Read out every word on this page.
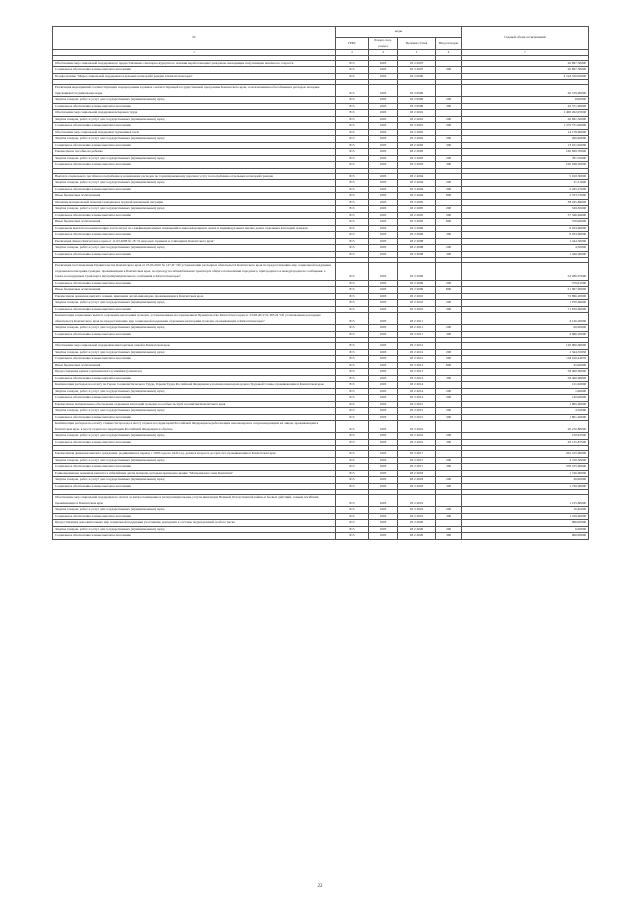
№	коды				Годовой объем ассигнований
	ГРБС	Раздел, под-раздел	Целевая статья	Вид расходов	
1	2	4	5	6	7

Обеспечение мер социальной поддержки по предоставлению санаторно-курортного лечения неработающим гражданам, выходящим получающим пенсию по старости	815	1003	03 2 2007		26 897,30000
Социальное обеспечение и иные выплаты населению	815	1003	03 2 2007	300	26 897,30000
Подпрограмма "Меры социальной поддержки отдельных категорий граждан в Камчатском крае"	815	1003	03 2 0000		4 518 520,09000

Реализация мероприятий соответствующих подпрограммы в рамках соответствующей государственной программы Камчатского края, за исключением обособленных расходов, которым присваиваются уникальные коды	815	1003	03 2 0999		26 579,90000
Закупка товаров, работ и услуг для государственных (муниципальных) нужд	815	1003	03 2 0999	200	8,00000
Социальное обеспечение и иные выплаты населению	815	1003	03 2 0999	300	26 571,90000
Обеспечение мер социальной поддержки ветеранов труда	815	1003	03 2 2001		1 400 262,05000
Закупка товаров, работ и услуг для государственных (муниципальных) нужд	815	1003	03 2 2001	200	20 691,50000
Социальное обеспечение и иные выплаты населению	815	1003	03 2 2001	300	1 379 571,00000
Обеспечение мер социальной поддержки тружеников тыла	815	1003	03 2 2002		14 178,60000
Закупка товаров, работ и услуг для государственных (муниципальных) нужд	815	1003	03 2 2002	200	266,60000
Социальное обеспечение и иные выплаты населению	815	1003	03 2 2002	300	13 911,96000
Ежемесячное пособие на ребенка	815	1003	03 2 2003		166 829,70000
Закупка товаров, работ и услуг для государственных (муниципальных) нужд	815	1003	03 2 2003	200	781,50000
Социальное обеспечение и иные выплаты населению	815	1003	03 2 2003	300	166 048,20000

Выплата социального пособия на погребение и возмещение расходов по гарантированному перечню услуг по погребению отдельных категорий граждан	815	1003	03 2 2004		5 010,30000
Закупка товаров, работ и услуг для государственных (муниципальных) нужд	815	1003	03 2 2004	200	31,31000
Социальное обеспечение и иные выплаты населению	815	1003	03 2 2004	300	2 425,27000
Иные бюджетные ассигнования	815	1003	03 2 2004	800	2 553,72000
Оказание материальной помощи гражданам в трудной жизненной ситуации	815	1003	03 2 2005		38 245,89000
Закупка товаров, работ и услуг для государственных (муниципальных) нужд	815	1003	03 2 2005	200	529,50000
Социальное обеспечение и иные выплаты населению	815	1003	03 2 2005	300	37 346,49000
Иные бюджетные ассигнования	815	1003	03 2 2005	800	370,00000
Социальная выплата на компенсацию части затрат по газификации жилых помещений в многоквартирных домах и индивидуальных жилых домах отдельных категорий граждан	815	1003	03 2 2006		8 934,60000
Социальное обеспечение и иные выплаты населению	815	1003	03 2 2006	300	8 934,60000
Реализация Закона Камчатского края от 11.03.2008 № 18 "О наградах, премиях и стипендиях Камчатского края"	815	1003	03 2 2008		1 444,50000
Закупка товаров, работ и услуг для государственных (муниципальных) нужд	815	1003	03 2 2008	200	4,50000
Социальное обеспечение и иные выплаты населению	815	1003	03 2 2008	300	1 440,00000

Реализация постановления Правительства Камчатского края от 23.03.2010 № 127-П "Об установлении расходных обязательств Камчатского края по предоставлению мер социальной поддержки отдельным категориям граждан, проживающим в Камчатском крае, по проезду на автомобильном транспорте общего пользования городского, пригородного и междугородного сообщения, а также на воздушном транспорте внутримуниципального сообщения в Камчатском крае"	815	1003	03 2 2009		52 286,97000
Социальное обеспечение и иные выплаты населению	815	1003	03 2 2009	300	379,01000
Иные бюджетные ассигнования	815	1003	03 2 2009	800	51 907,96000
Ежемесячная денежная выплата семьям, имеющим детей-инвалидов, проживающим в Камчатском крае	815	1003	03 2 2010		72 896,20000
Закупка товаров, работ и услуг для государственных (муниципальных) нужд	815	1003	03 2 2010	200	1 076,60000
Социальное обеспечение и иные выплаты населению	815	1003	03 2 2010	300	71 819,60000
Компенсация социальных выплат отдельным категориям граждан, установленным постановлением Правительства Камчатского края от 23.08.2012 № 385-П "Об установлении расходных обязательств Камчатского края по предоставлению мер социальной поддержки отдельным категориям граждан, проживающих в Камчатском крае"	815	1003	03 2 2011		4 146,20000
Закупка товаров, работ и услуг для государственных (муниципальных) нужд	815	1003	03 2 2011	200	60,00000
Социальное обеспечение и иные выплаты населению	815	1003	03 2 2011	300	4 086,20000

Обеспечение мер социальной поддержки многодетных семей в Камчатском крае	815	1003	03 2 2012		120 000,00000
Закупка товаров, работ и услуг для государственных (муниципальных) нужд	815	1003	03 2 2012	200	1 344,55930
Социальное обеспечение и иные выплаты населению	815	1003	03 2 2012	300	118 610,44070
Иные бюджетные ассигнования	815	1003	03 2 2012	800	45,00000
Предоставление единого материнского (семейного) капитала	815	1003	03 2 2013		58 400,00000
Социальное обеспечение и иные выплаты населению	815	1003	03 2 2013	300	58 400,00000
Компенсация расходов на оплату по Герою Социалистического Труда, Героям Труда Российской Федерации и полным кавалерам ордена Трудовой Славы, проживающим в Камчатском крае	815	1003	03 2 2014		121,60000
Закупка товаров, работ и услуг для государственных (муниципальных) нужд	815	1003	03 2 2014	200	1,60000
Социальное обеспечение и иные выплаты населению	815	1003	03 2 2014	300	120,00000
Ежемесячное материальное обеспечение отдельных категорий граждан за особые заслуги в развитии Камчатского края	815	1003	03 2 2015		1 805,90000
Закупка товаров, работ и услуг для государственных (муниципальных) нужд	815	1003	03 2 2015	200	4,50000
Социальное обеспечение и иные выплаты населению	815	1003	03 2 2015	300	1 801,40000
Компенсация расходов на оплату стоимости проезда к месту отдыха на территории Российской Федерации неработающим пенсионерам и сопровождающим их лицам, проживающим в Камчатском крае, к месту отдыха на территории Российской Федерации и обратно	815	1003	03 2 2016		20 276,80000
Закупка товаров, работ и услуг для государственных (муниципальных) нужд	815	1003	03 2 2016	200	150,92500
Социальное обеспечение и иные выплаты населению	815	1003	03 2 2016	300	20 125,87500

Ежемесячная денежная выплата гражданам, родившимся в период с 1928 года по 1945 год, детям в возрасте до трех лет, проживающим в Камчатском крае	815	1003	03 2 2017		262 415,90000
Закупка товаров, работ и услуг для государственных (муниципальных) нужд	815	1003	03 2 2017	200	4 310,30000
Социальное обеспечение и иные выплаты населению	815	1003	03 2 2017	300	258 105,60000
Единовременная денежная выплата к юбилейным датам матерям, которым присвоено звание "Материнская слава Камчатки"	815	1003	03 2 2018		1 746,90000
Закупка товаров, работ и услуг для государственных (муниципальных) нужд	815	1003	03 2 2018	200	26,90000
Социальное обеспечение и иные выплаты населению	815	1003	03 2 2018	300	1 720,00000

Обеспечение мер социальной поддержки по оплате за жилое помещение и (или) коммунальные услуги инвалидам Великой Отечественной войны и боевых действий, семьям погибших, проживающих в Камчатском крае	815	1003	03 2 2019		1 125,80000
Закупка товаров, работ и услуг для государственных (муниципальных) нужд	815	1003	03 2 2019	200	16,40000
Социальное обеспечение и иные выплаты населению	815	1003	03 2 2019	300	1 109,40000
Предоставление дополнительных мер социальной поддержки участникам, вошедших в составы подразделений особого риска	815	1003	03 2 2020		906,00000
Закупка товаров, работ и услуг для государственных (муниципальных) нужд	815	1003	03 2 2020	200	6,00000
Социальное обеспечение и иные выплаты населению	815	1003	03 2 2020	300	900,00000
22
